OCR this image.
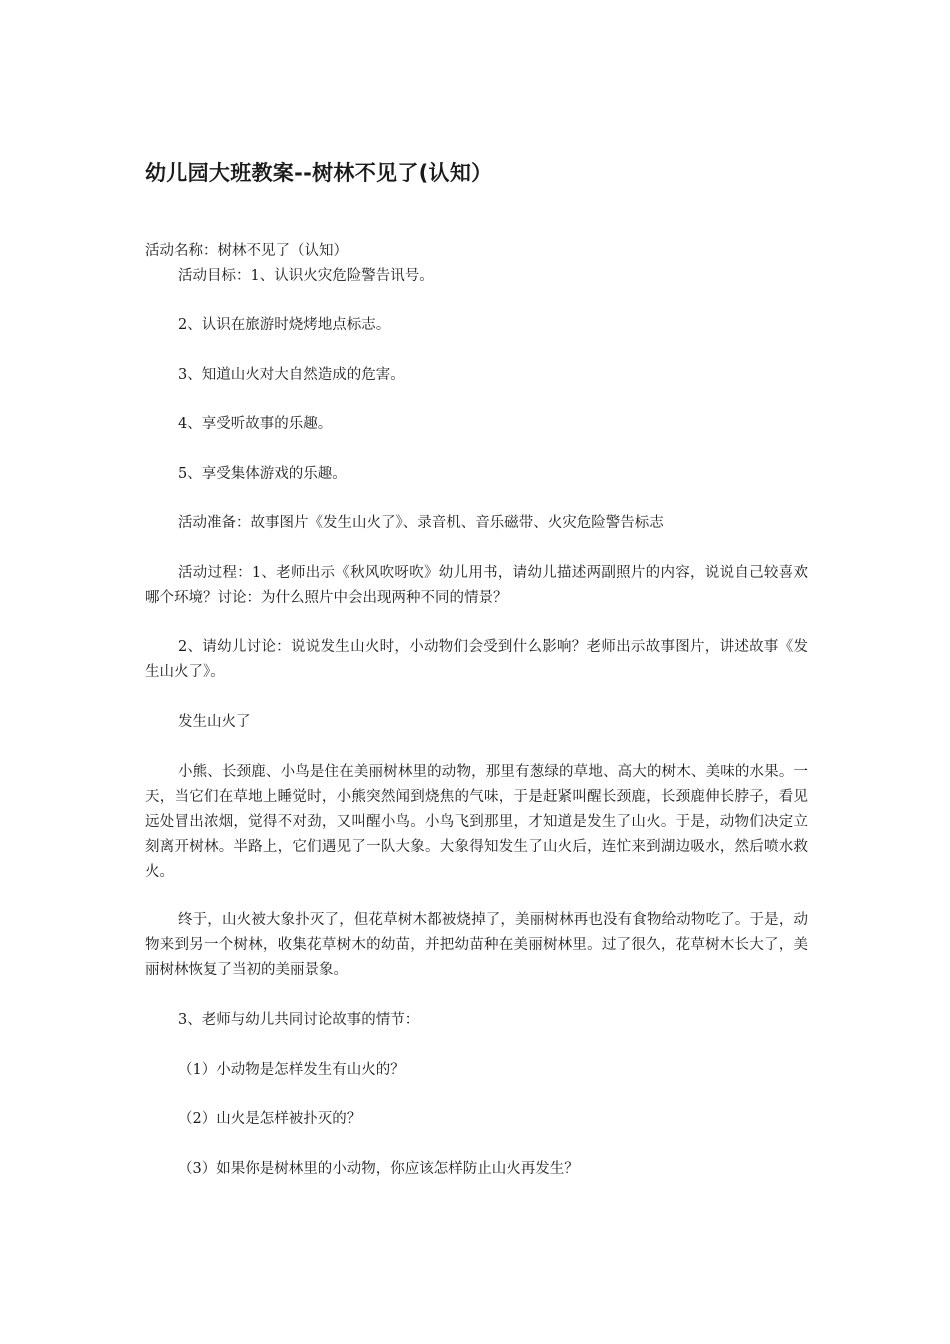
幼儿园大班教案--树林不见了(认知）

活动名称：树林不见了（认知）

活动目标：1、认识火灾危险警告讯号。

2、认识在旅游时烧烤地点标志。

3、知道山火对大自然造成的危害。

4、享受听故事的乐趣。

5、享受集体游戏的乐趣。

活动准备：故事图片《发生山火了》、录音机、音乐磁带、火灾危险警告标志

活动过程：1、老师出示《秋风吹呀吹》幼儿用书，请幼儿描述两副照片的内容，说说自己较喜欢哪个环境？讨论：为什么照片中会出现两种不同的情景？

2、请幼儿讨论：说说发生山火时，小动物们会受到什么影响？老师出示故事图片，讲述故事《发生山火了》。

发生山火了

小熊、长颈鹿、小鸟是住在美丽树林里的动物，那里有葱绿的草地、高大的树木、美味的水果。一天，当它们在草地上睡觉时，小熊突然闻到烧焦的气味，于是赶紧叫醒长颈鹿，长颈鹿伸长脖子，看见远处冒出浓烟，觉得不对劲，又叫醒小鸟。小鸟飞到那里，才知道是发生了山火。于是，动物们决定立刻离开树林。半路上，它们遇见了一队大象。大象得知发生了山火后，连忙来到湖边吸水，然后喷水救火。

终于，山火被大象扑灭了，但花草树木都被烧掉了，美丽树林再也没有食物给动物吃了。于是，动物来到另一个树林，收集花草树木的幼苗，并把幼苗种在美丽树林里。过了很久，花草树木长大了，美丽树林恢复了当初的美丽景象。

3、老师与幼儿共同讨论故事的情节：

（1）小动物是怎样发生有山火的？

（2）山火是怎样被扑灭的？

（3）如果你是树林里的小动物，你应该怎样防止山火再发生？
